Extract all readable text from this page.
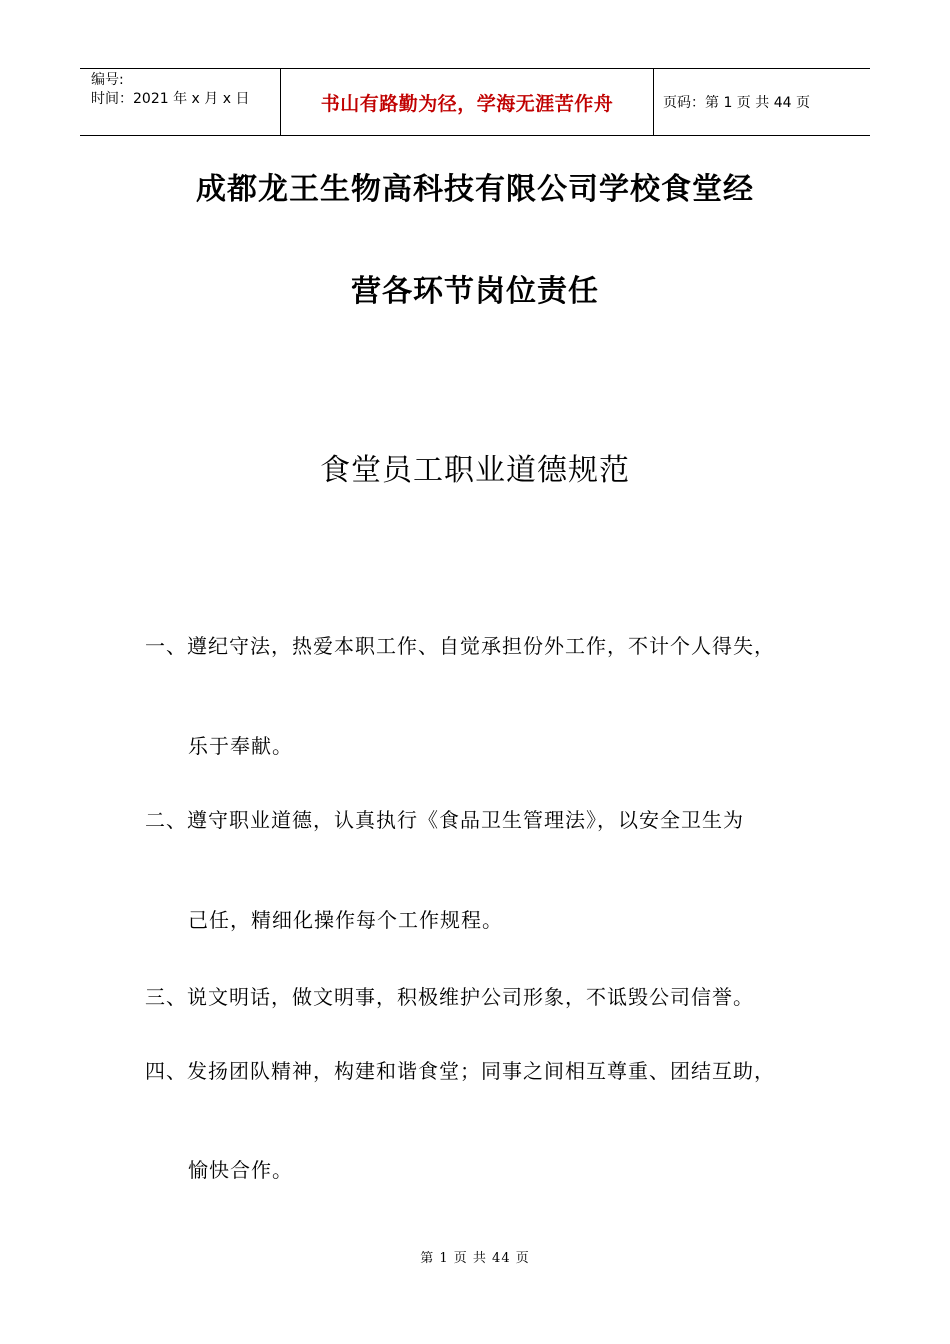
编号:
时间：2021 年 x 月 x 日	书山有路勤为径，学海无涯苦作舟	页码：第 1 页 共 44 页
成都龙王生物高科技有限公司学校食堂经
营各环节岗位责任
食堂员工职业道德规范
一、遵纪守法，热爱本职工作、自觉承担份外工作，不计个人得失，
乐于奉献。
二、遵守职业道德，认真执行《食品卫生管理法》，以安全卫生为
己任，精细化操作每个工作规程。
三、说文明话，做文明事，积极维护公司形象，不诋毁公司信誉。
四、发扬团队精神，构建和谐食堂；同事之间相互尊重、团结互助，
愉快合作。
第 1 页 共 44 页
